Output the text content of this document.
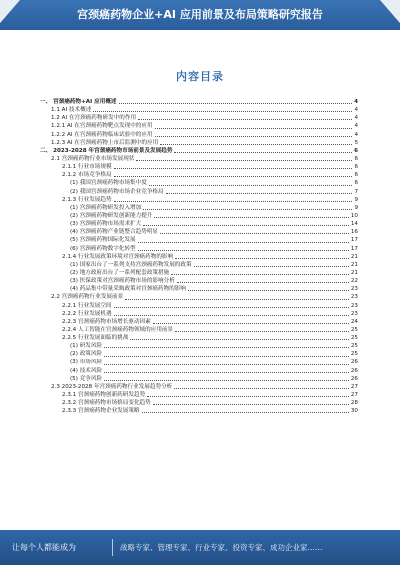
宫颈癌药物企业+AI 应用前景及布局策略研究报告
内容目录
一、 宫颈癌药物+AI 应用概述	4
1.1 AI 技术概述	4
1.2 AI 在宫颈癌药物研发中的作用	4
1.2.1 AI 在宫颈癌药物靶点发现中的应用	4
1.2.2 AI 在宫颈癌药物临床试验中的应用	4
1.2.3 AI 在宫颈癌药物上市后监测中的应用	5
二、 2023-2028 年宫颈癌药物市场前景及发展趋势	6
2.1 宫颈癌药物行业市场发展现状	6
2.1.1 行业市场规模	6
2.1.2 市场竞争格局	6
(1) 我国宫颈癌药物市场集中度	6
(2) 我国宫颈癌药物市场企业竞争格局	7
2.1.3 行业发展趋势	9
(1) 宫颈癌药物研发投入增加	9
(2) 宫颈癌药物研发创新能力提升	10
(3) 宫颈癌药物市场需求扩大	14
(4) 宫颈癌药物产业链整合趋势明显	16
(5) 宫颈癌药物国际化发展	17
(6) 宫颈癌药物数字化转型	17
2.1.4 行业发展政策环境对宫颈癌药物的影响	21
(1) 国家出台了一系列支持宫颈癌药物发展的政策	21
(2) 地方政府出台了一系列配套政策措施	21
(3) 医保政策对宫颈癌药物市场的影响分析	22
(4) 药品集中带量采购政策对宫颈癌药物的影响	23
2.2 宫颈癌药物行业发展前景	23
2.2.1 行业发展空间	23
2.2.2 行业发展机遇	23
2.2.3 宫颈癌药物市场增长驱动因素	24
2.2.4 人工智能在宫颈癌药物领域的应用前景	25
2.2.5 行业发展面临的挑战	25
(1) 研发风险	25
(2) 政策风险	25
(3) 市场风险	26
(4) 技术风险	26
(5) 竞争风险	26
2.3 2023-2028 年宫颈癌药物行业发展趋势分析	27
2.3.1 宫颈癌药物创新药研发趋势	27
2.3.2 宫颈癌药物市场格局变化趋势	28
2.3.3 宫颈癌药物企业发展策略	30
让每个人都能成为	战略专家、管理专家、行业专家、投资专家、成功企业家……
